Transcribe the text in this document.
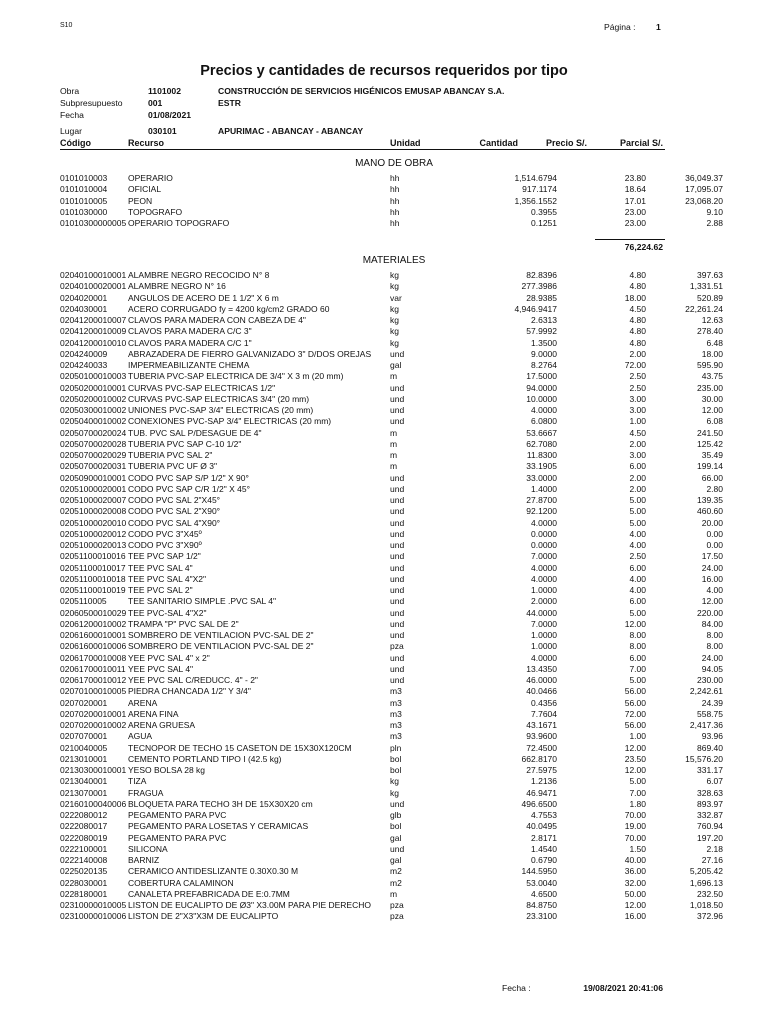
S10	Página : 1
Precios y cantidades de recursos requeridos por tipo
Obra	1101002	CONSTRUCCIÓN DE SERVICIOS HIGÉNICOS EMUSAP ABANCAY S.A.
Subpresupuesto	001	ESTR
Fecha	01/08/2021
Lugar	030101	APURIMAC - ABANCAY - ABANCAY
Código	Recurso	Unidad	Cantidad	Precio S/.	Parcial S/.
MANO DE OBRA
0101010003	OPERARIO	hh	1,514.6794	23.80	36,049.37
0101010004	OFICIAL	hh	917.1174	18.64	17,095.07
0101010005	PEON	hh	1,356.1552	17.01	23,068.20
0101030000	TOPOGRAFO	hh	0.3955	23.00	9.10
01010300000005	OPERARIO TOPOGRAFO	hh	0.1251	23.00	2.88
76,224.62
MATERIALES
02040100010001	ALAMBRE NEGRO RECOCIDO N° 8	kg	82.8396	4.80	397.63
02040100020001	ALAMBRE NEGRO N° 16	kg	277.3986	4.80	1,331.51
0204020001	ANGULOS DE ACERO DE 1 1/2" X 6 m	var	28.9385	18.00	520.89
0204030001	ACERO CORRUGADO fy = 4200 kg/cm2 GRADO 60	kg	4,946.9417	4.50	22,261.24
02041200010007	CLAVOS PARA MADERA CON CABEZA DE 4"	kg	2.6313	4.80	12.63
02041200010009	CLAVOS PARA MADERA C/C 3"	kg	57.9992	4.80	278.40
02041200010010	CLAVOS PARA MADERA C/C 1"	kg	1.3500	4.80	6.48
0204240009	ABRAZADERA DE FIERRO GALVANIZADO 3" D/DOS OREJAS	und	9.0000	2.00	18.00
0204240033	IMPERMEABILIZANTE CHEMA	gal	8.2764	72.00	595.90
02050100010003	TUBERIA PVC-SAP ELECTRICA DE 3/4" X 3 m (20 mm)	m	17.5000	2.50	43.75
02050200010001	CURVAS PVC-SAP ELECTRICAS 1/2"	und	94.0000	2.50	235.00
02050200010002	CURVAS PVC-SAP ELECTRICAS 3/4" (20 mm)	und	10.0000	3.00	30.00
02050300010002	UNIONES PVC-SAP 3/4" ELECTRICAS (20 mm)	und	4.0000	3.00	12.00
02050400010002	CONEXIONES PVC-SAP 3/4" ELECTRICAS (20 mm)	und	6.0800	1.00	6.08
02050700020024	TUB. PVC SAL P/DESAGUE DE 4"	m	53.6667	4.50	241.50
02050700020028	TUBERIA PVC SAP C-10 1/2"	m	62.7080	2.00	125.42
02050700020029	TUBERIA PVC SAL 2"	m	11.8300	3.00	35.49
02050700020031	TUBERIA PVC UF Ø 3"	m	33.1905	6.00	199.14
02050900010001	CODO PVC SAP S/P 1/2" X 90°	und	33.0000	2.00	66.00
02051000020001	CODO PVC SAP C/R 1/2" X 45°	und	1.4000	2.00	2.80
02051000020007	CODO PVC SAL 2"X45°	und	27.8700	5.00	139.35
02051000020008	CODO PVC SAL 2"X90°	und	92.1200	5.00	460.60
02051000020010	CODO PVC SAL 4"X90°	und	4.0000	5.00	20.00
02051000020012	CODO PVC 3"X45º	und	0.0000	4.00	0.00
02051000020013	CODO PVC 3"X90º	und	0.0000	4.00	0.00
02051100010016	TEE PVC SAP 1/2"	und	7.0000	2.50	17.50
02051100010017	TEE PVC SAL 4"	und	4.0000	6.00	24.00
02051100010018	TEE PVC SAL 4"X2"	und	4.0000	4.00	16.00
02051100010019	TEE PVC SAL 2"	und	1.0000	4.00	4.00
0205110005	TEE SANITARIO SIMPLE .PVC SAL 4"	und	2.0000	6.00	12.00
02060500010029	TEE PVC-SAL 4"X2"	und	44.0000	5.00	220.00
02061200010002	TRAMPA "P" PVC SAL DE 2"	und	7.0000	12.00	84.00
02061600010001	SOMBRERO DE VENTILACION PVC-SAL DE 2"	und	1.0000	8.00	8.00
02061600010006	SOMBRERO DE VENTILACION PVC-SAL DE 2"	pza	1.0000	8.00	8.00
02061700010008	YEE PVC SAL 4" x 2"	und	4.0000	6.00	24.00
02061700010011	YEE PVC SAL 4"	und	13.4350	7.00	94.05
02061700010012	YEE PVC SAL C/REDUCC. 4" - 2"	und	46.0000	5.00	230.00
02070100010005	PIEDRA CHANCADA 1/2" Y 3/4"	m3	40.0466	56.00	2,242.61
0207020001	ARENA	m3	0.4356	56.00	24.39
02070200010001	ARENA FINA	m3	7.7604	72.00	558.75
02070200010002	ARENA GRUESA	m3	43.1671	56.00	2,417.36
0207070001	AGUA	m3	93.9600	1.00	93.96
0210040005	TECNOPOR DE TECHO 15 CASETON DE 15X30X120CM	pln	72.4500	12.00	869.40
0213010001	CEMENTO PORTLAND TIPO I (42.5 kg)	bol	662.8170	23.50	15,576.20
02130300010001	YESO BOLSA 28 kg	bol	27.5975	12.00	331.17
0213040001	TIZA	kg	1.2136	5.00	6.07
0213070001	FRAGUA	kg	46.9471	7.00	328.63
02160100040006	BLOQUETA PARA TECHO 3H DE 15X30X20 cm	und	496.6500	1.80	893.97
0222080012	PEGAMENTO PARA PVC	glb	4.7553	70.00	332.87
0222080017	PEGAMENTO PARA LOSETAS Y CERAMICAS	bol	40.0495	19.00	760.94
0222080019	PEGAMENTO PARA PVC	gal	2.8171	70.00	197.20
0222100001	SILICONA	und	1.4540	1.50	2.18
0222140008	BARNIZ	gal	0.6790	40.00	27.16
0225020135	CERAMICO ANTIDESLIZANTE 0.30X0.30 M	m2	144.5950	36.00	5,205.42
0228030001	COBERTURA CALAMINON	m2	53.0040	32.00	1,696.13
0228180001	CANALETA PREFABRICADA DE E:0.7MM	m	4.6500	50.00	232.50
02310000010005	LISTON DE EUCALIPTO DE Ø3" X3.00M PARA PIE DERECHO	pza	84.8750	12.00	1,018.50
02310000010006	LISTON DE 2"X3"X3M DE EUCALIPTO	pza	23.3100	16.00	372.96
Fecha :	19/08/2021 20:41:06
